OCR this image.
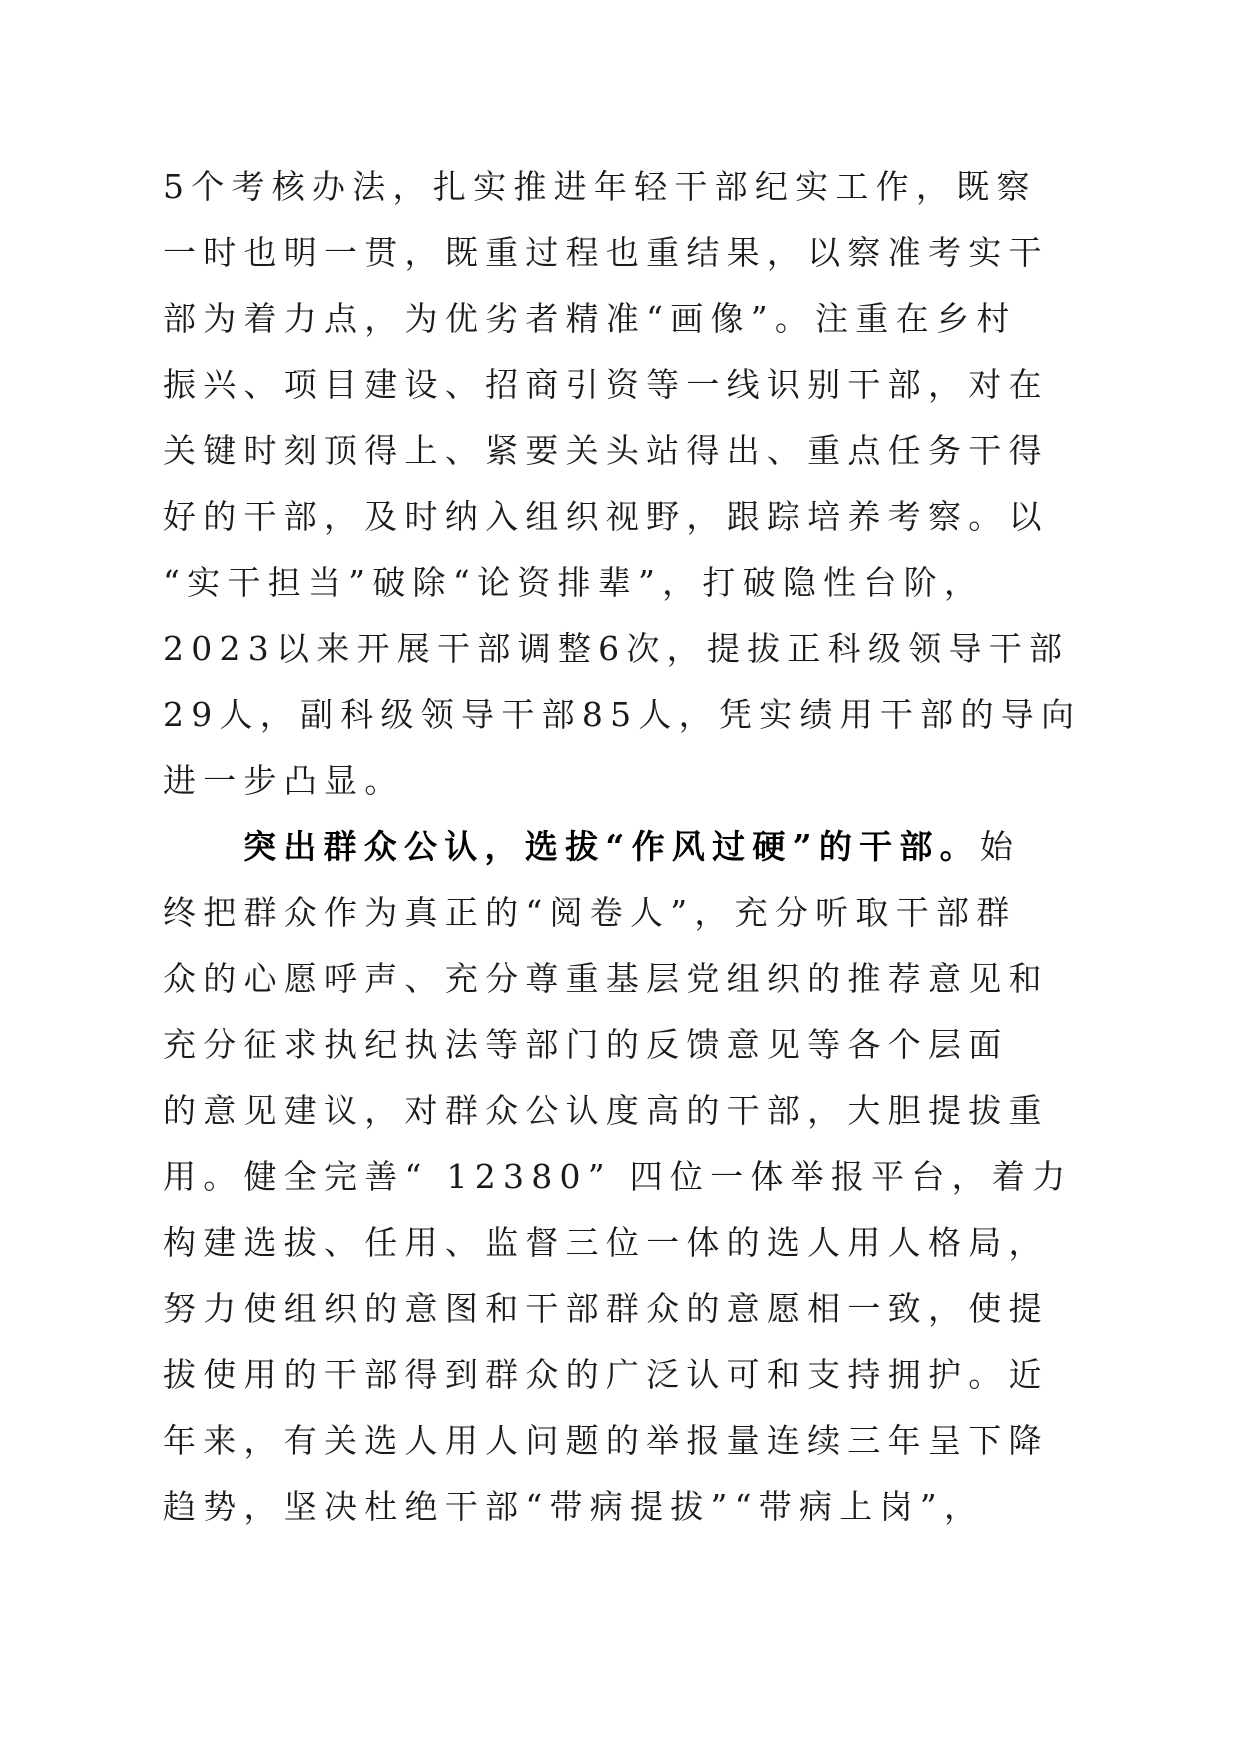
5个考核办法，扎实推进年轻干部纪实工作，既察
一时也明一贯，既重过程也重结果，以察准考实干
部为着力点，为优劣者精准“画像”。注重在乡村
振兴、项目建设、招商引资等一线识别干部，对在
关键时刻顶得上、紧要关头站得出、重点任务干得
好的干部，及时纳入组织视野，跟踪培养考察。以
“实干担当”破除“论资排辈”，打破隐性台阶，
2023以来开展干部调整6次，提拔正科级领导干部
29人，副科级领导干部85人，凭实绩用干部的导向
进一步凸显。
突出群众公认，选拔“作风过硬”的干部。始
终把群众作为真正的“阅卷人”，充分听取干部群
众的心愿呼声、充分尊重基层党组织的推荐意见和
充分征求执纪执法等部门的反馈意见等各个层面
的意见建议，对群众公认度高的干部，大胆提拔重
用。健全完善“ 12380” 四位一体举报平台，着力
构建选拔、任用、监督三位一体的选人用人格局，
努力使组织的意图和干部群众的意愿相一致，使提
拔使用的干部得到群众的广泛认可和支持拥护。近
年来，有关选人用人问题的举报量连续三年呈下降
趋势，坚决杜绝干部“带病提拔”“带病上岗”，
